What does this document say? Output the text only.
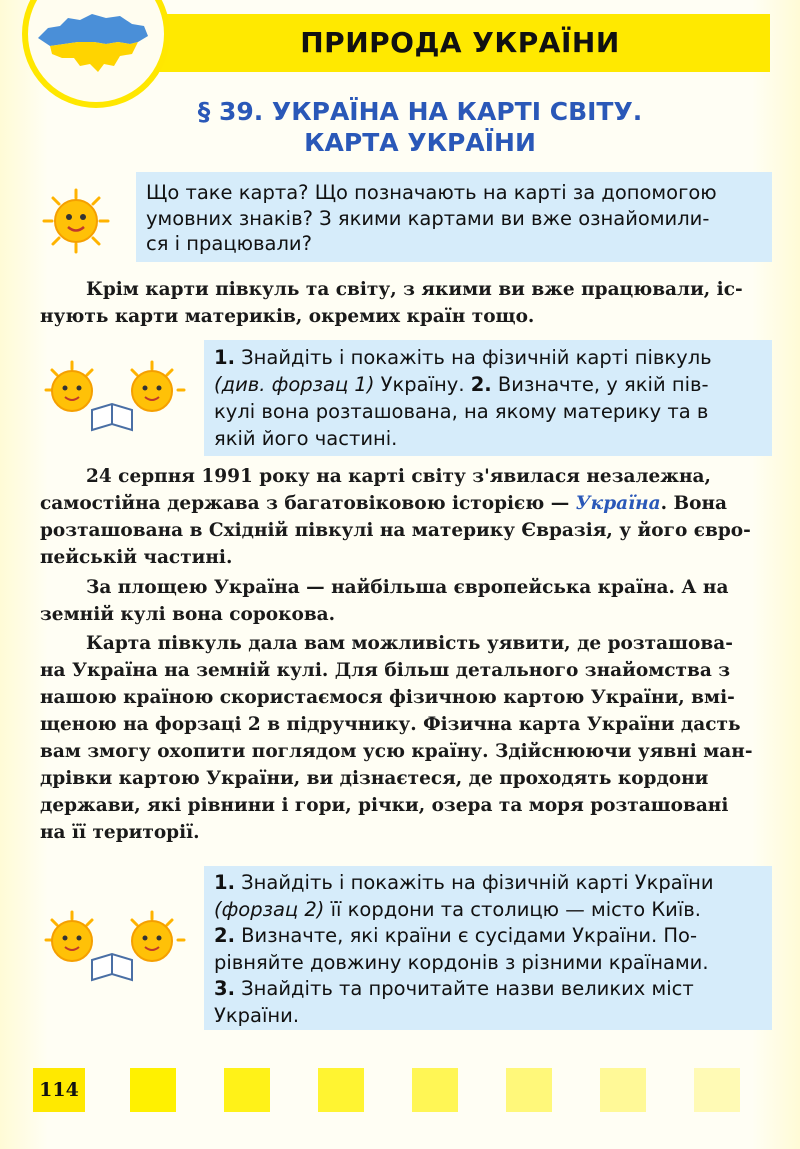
ПРИРОДА УКРАЇНИ
§ 39. УКРАЇНА НА КАРТІ СВІТУ.
КАРТА УКРАЇНИ
Що таке карта? Що позначають на карті за допомогою
умовних знаків? З якими картами ви вже ознайомили-
ся і працювали?
Крім карти півкуль та світу, з якими ви вже працювали, іс-
нують карти материків, окремих країн тощо.
1. Знайдіть і покажіть на фізичній карті півкуль
(див. форзац 1) Україну. 2. Визначте, у якій пів-
кулі вона розташована, на якому материку та в
якій його частині.
24 серпня 1991 року на карті світу з'явилася незалежна,
самостійна держава з багатовіковою історією — Україна. Вона
розташована в Східній півкулі на материку Євразія, у його євро-
пейській частині.
За площею Україна — найбільша європейська країна. А на
земній кулі вона сорокова.
Карта півкуль дала вам можливість уявити, де розташова-
на Україна на земній кулі. Для більш детального знайомства з
нашою країною скористаємося фізичною картою України, вмі-
щеною на форзаці 2 в підручнику. Фізична карта України дасть
вам змогу охопити поглядом усю країну. Здійснюючи уявні ман-
дрівки картою України, ви дізнаєтеся, де проходять кордони
держави, які рівнини і гори, річки, озера та моря розташовані
на її території.
1. Знайдіть і покажіть на фізичній карті України
(форзац 2) її кордони та столицю — місто Київ.
2. Визначте, які країни є сусідами України. По-
рівняйте довжину кордонів з різними країнами.
3. Знайдіть та прочитайте назви великих міст
України.
114
